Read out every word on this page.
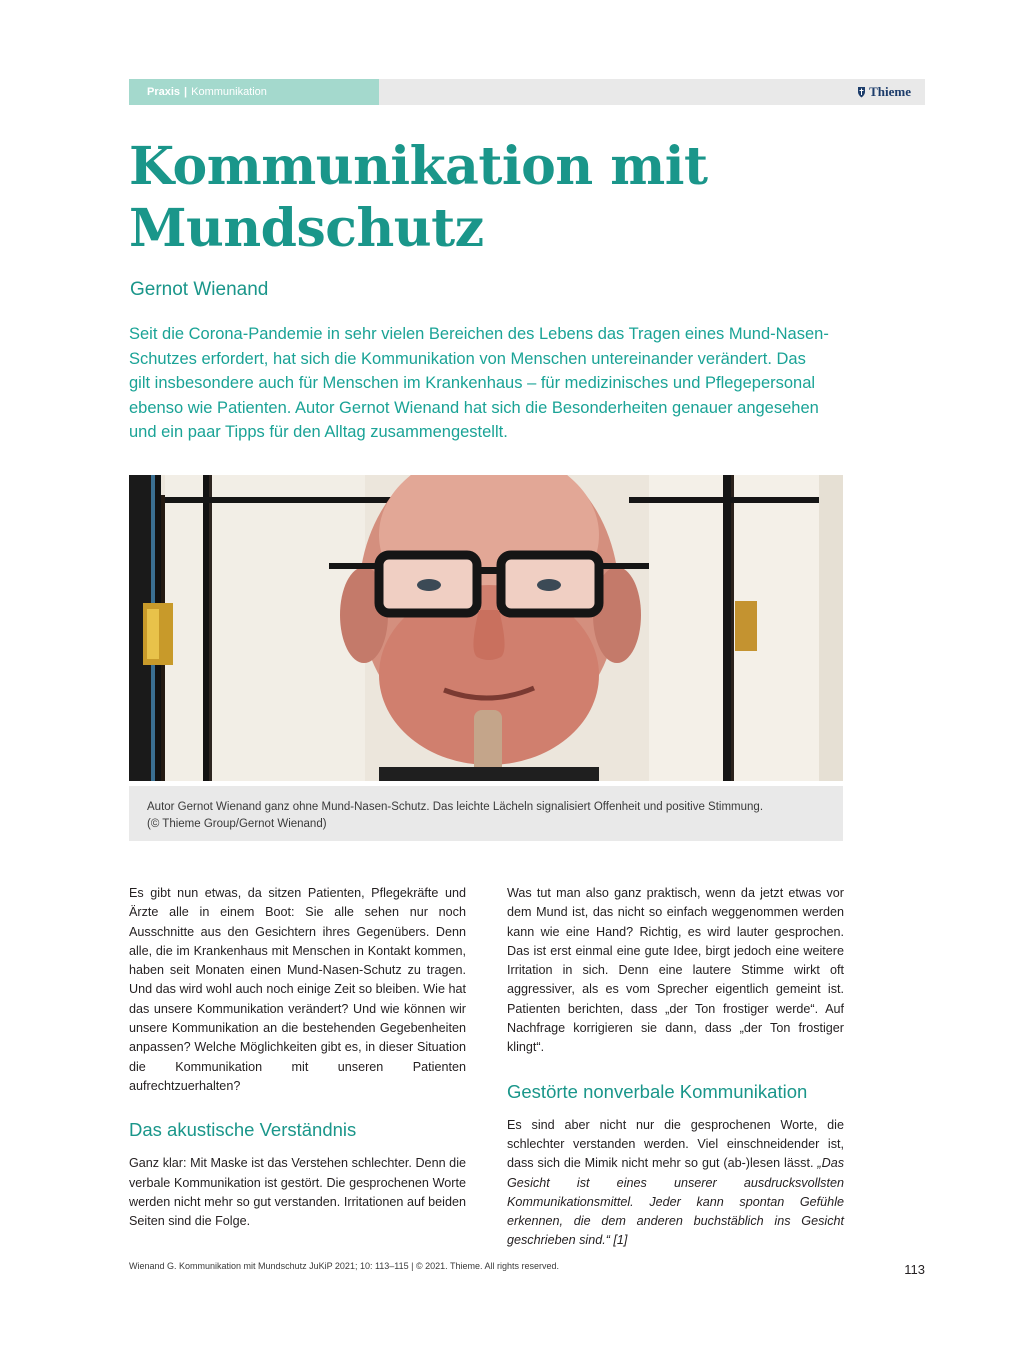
Praxis | Kommunikation	Thieme
Kommunikation mit
Mundschutz
Gernot Wienand

Seit die Corona-Pandemie in sehr vielen Bereichen des Lebens das Tragen eines Mund-Nasen-Schutzes erfordert, hat sich die Kommunikation von Menschen untereinander verändert. Das gilt insbesondere auch für Menschen im Krankenhaus – für medizinisches und Pflegepersonal ebenso wie Patienten. Autor Gernot Wienand hat sich die Besonderheiten genauer angesehen und ein paar Tipps für den Alltag zusammengestellt.

Autor Gernot Wienand ganz ohne Mund-Nasen-Schutz. Das leichte Lächeln signalisiert Offenheit und positive Stimmung.
(© Thieme Group/Gernot Wienand)

Es gibt nun etwas, da sitzen Patienten, Pflegekräfte und Ärzte alle in einem Boot: Sie alle sehen nur noch Ausschnitte aus den Gesichtern ihres Gegenübers. Denn alle, die im Krankenhaus mit Menschen in Kontakt kommen, haben seit Monaten einen Mund-Nasen-Schutz zu tragen. Und das wird wohl auch noch einige Zeit so bleiben. Wie hat das unsere Kommunikation verändert? Und wie können wir unsere Kommunikation an die bestehenden Gegebenheiten anpassen? Welche Möglichkeiten gibt es, in dieser Situation die Kommunikation mit unseren Patienten aufrechtzuerhalten?

Das akustische Verständnis

Ganz klar: Mit Maske ist das Verstehen schlechter. Denn die verbale Kommunikation ist gestört. Die gesprochenen Worte werden nicht mehr so gut verstanden. Irritationen auf beiden Seiten sind die Folge.

Was tut man also ganz praktisch, wenn da jetzt etwas vor dem Mund ist, das nicht so einfach weggenommen werden kann wie eine Hand? Richtig, es wird lauter gesprochen. Das ist erst einmal eine gute Idee, birgt jedoch eine weitere Irritation in sich. Denn eine lautere Stimme wirkt oft aggressiver, als es vom Sprecher eigentlich gemeint ist. Patienten berichten, dass „der Ton frostiger werde“. Auf Nachfrage korrigieren sie dann, dass „der Ton frostiger klingt“.

Gestörte nonverbale Kommunikation

Es sind aber nicht nur die gesprochenen Worte, die schlechter verstanden werden. Viel einschneidender ist, dass sich die Mimik nicht mehr so gut (ab-)lesen lässt. „Das Gesicht ist eines unserer ausdrucksvollsten Kommunikationsmittel. Jeder kann spontan Gefühle erkennen, die dem anderen buchstäblich ins Gesicht geschrieben sind.“ [1]

Wienand G. Kommunikation mit Mundschutz JuKiP 2021; 10: 113–115 | © 2021. Thieme. All rights reserved.	113
